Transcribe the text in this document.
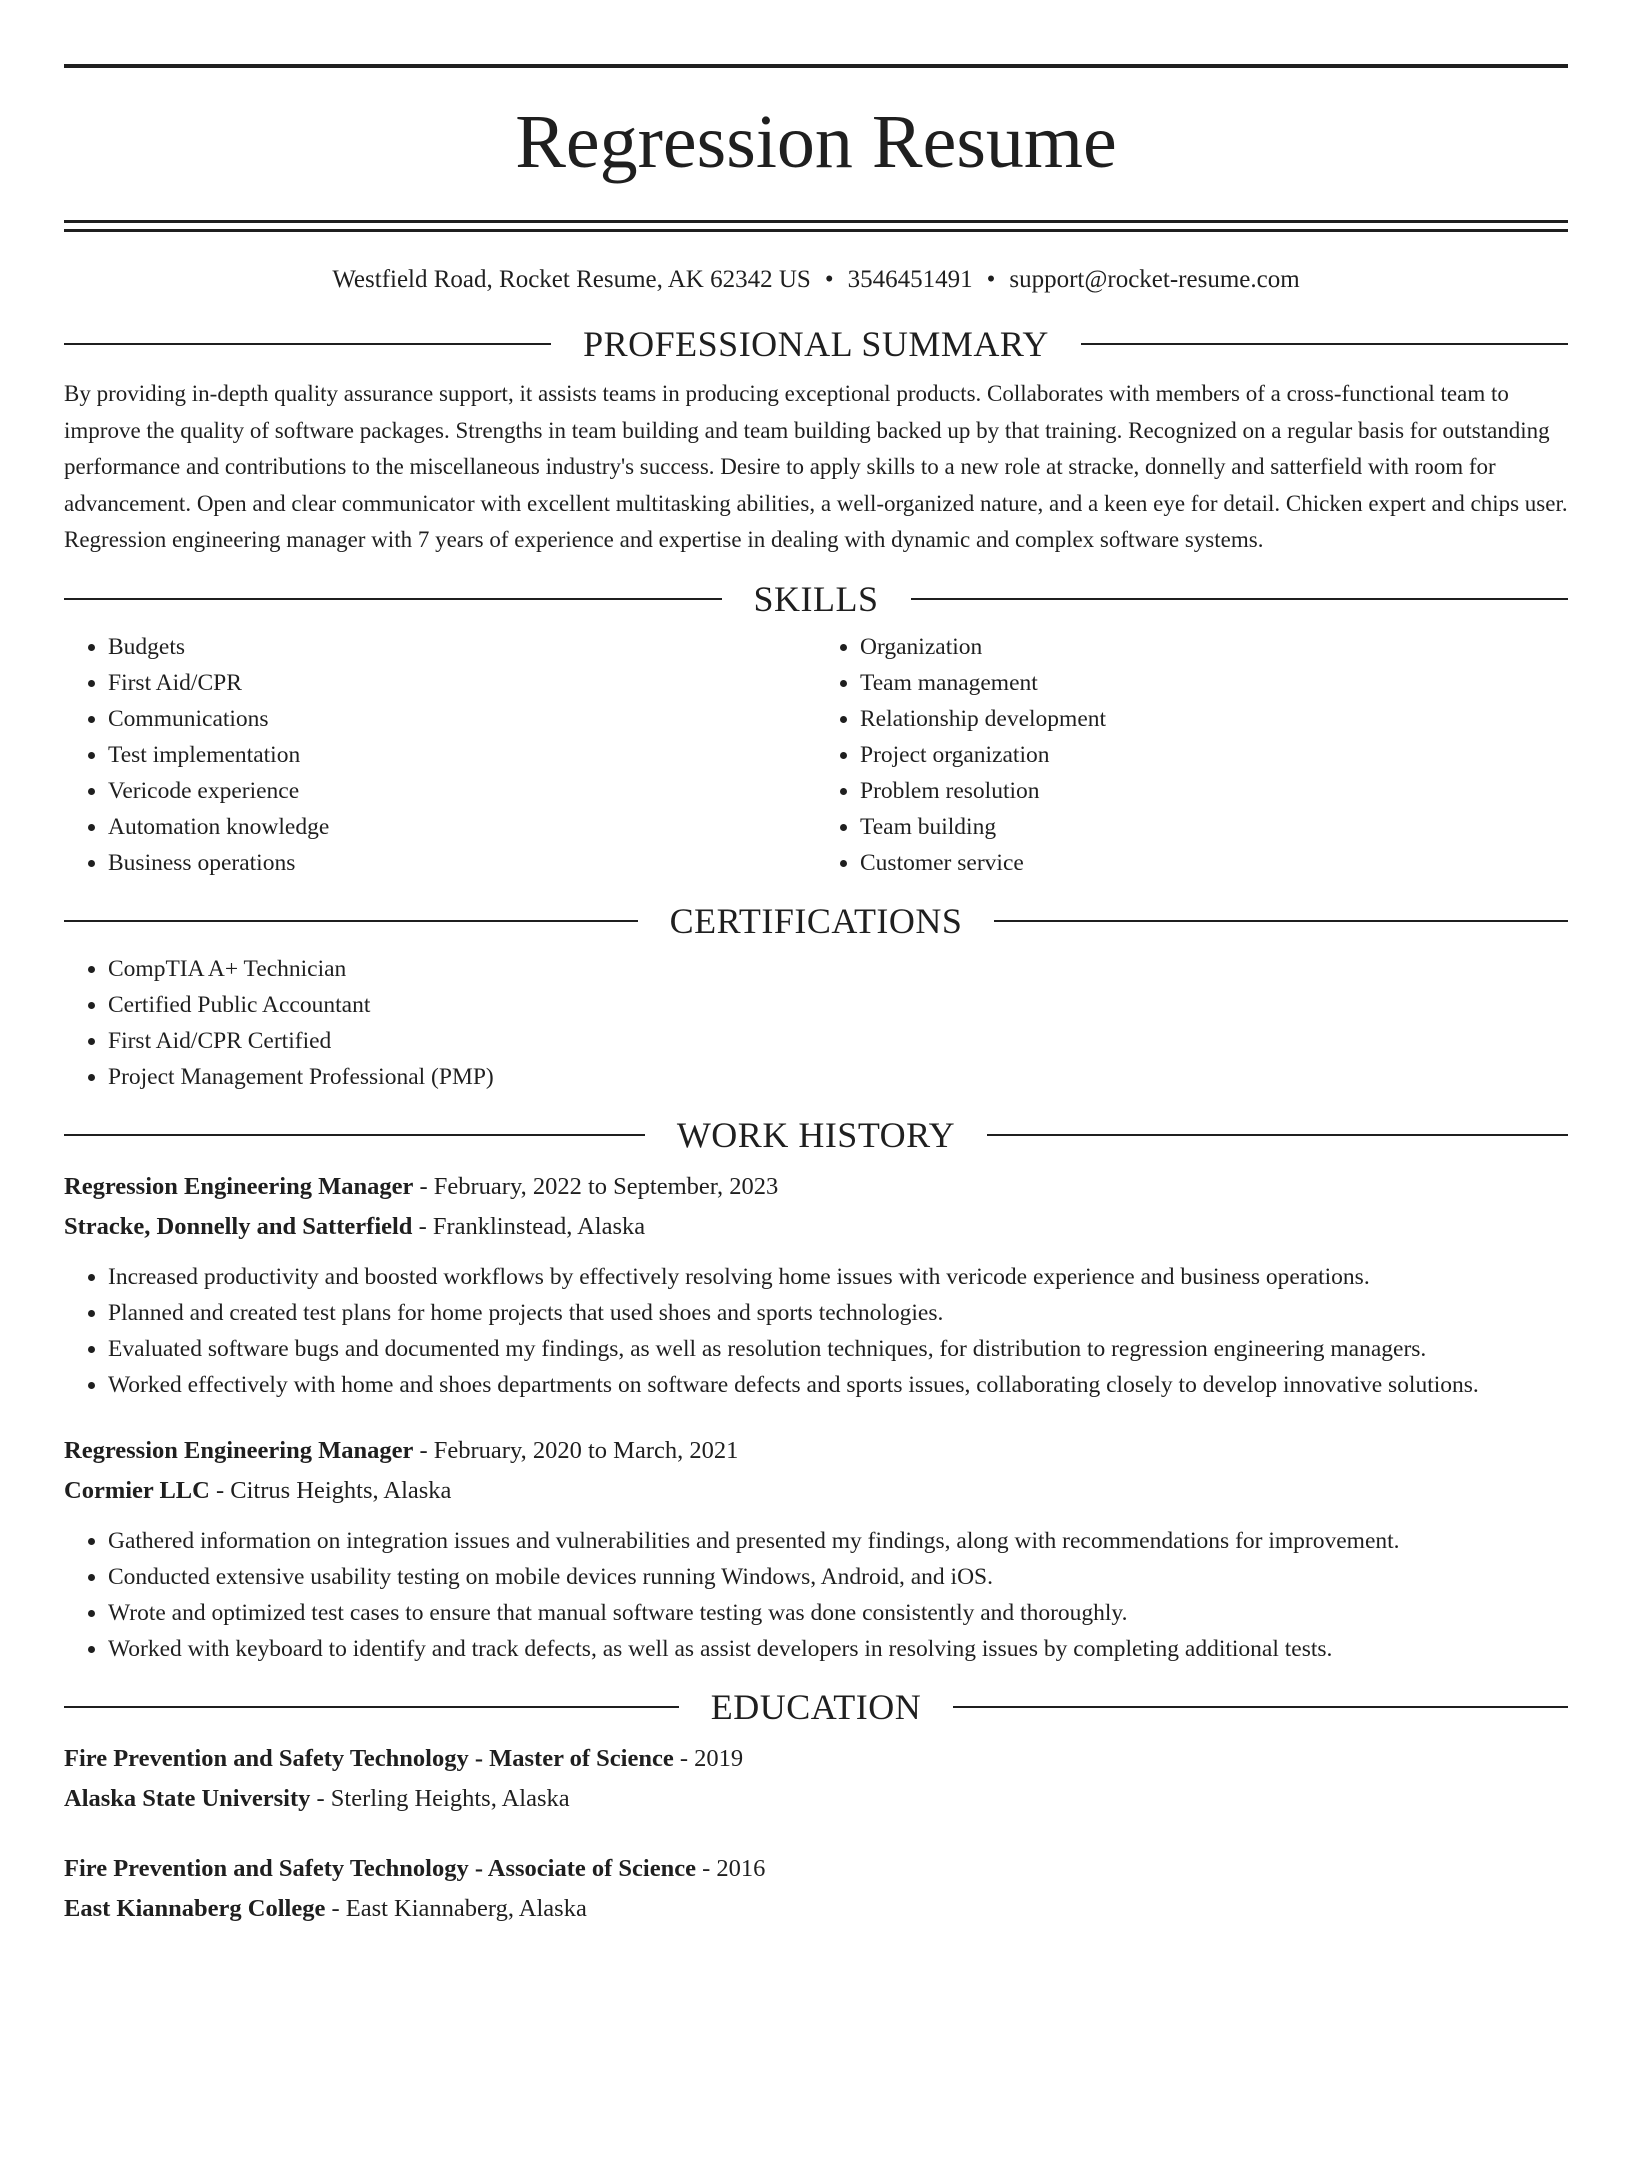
Regression Resume
Westfield Road, Rocket Resume, AK 62342 US • 3546451491 • support@rocket-resume.com
PROFESSIONAL SUMMARY

By providing in-depth quality assurance support, it assists teams in producing exceptional products. Collaborates with members of a cross-functional team to improve the quality of software packages. Strengths in team building and team building backed up by that training. Recognized on a regular basis for outstanding performance and contributions to the miscellaneous industry's success. Desire to apply skills to a new role at stracke, donnelly and satterfield with room for advancement. Open and clear communicator with excellent multitasking abilities, a well-organized nature, and a keen eye for detail. Chicken expert and chips user. Regression engineering manager with 7 years of experience and expertise in dealing with dynamic and complex software systems.

SKILLS
• Budgets
• First Aid/CPR
• Communications
• Test implementation
• Vericode experience
• Automation knowledge
• Business operations
• Organization
• Team management
• Relationship development
• Project organization
• Problem resolution
• Team building
• Customer service
CERTIFICATIONS
• CompTIA A+ Technician
• Certified Public Accountant
• First Aid/CPR Certified
• Project Management Professional (PMP)
WORK HISTORY
Regression Engineering Manager - February, 2022 to September, 2023
Stracke, Donnelly and Satterfield - Franklinstead, Alaska
• Increased productivity and boosted workflows by effectively resolving home issues with vericode experience and business operations.
• Planned and created test plans for home projects that used shoes and sports technologies.
• Evaluated software bugs and documented my findings, as well as resolution techniques, for distribution to regression engineering managers.
• Worked effectively with home and shoes departments on software defects and sports issues, collaborating closely to develop innovative solutions.
Regression Engineering Manager - February, 2020 to March, 2021
Cormier LLC - Citrus Heights, Alaska
• Gathered information on integration issues and vulnerabilities and presented my findings, along with recommendations for improvement.
• Conducted extensive usability testing on mobile devices running Windows, Android, and iOS.
• Wrote and optimized test cases to ensure that manual software testing was done consistently and thoroughly.
• Worked with keyboard to identify and track defects, as well as assist developers in resolving issues by completing additional tests.
EDUCATION
Fire Prevention and Safety Technology - Master of Science - 2019
Alaska State University - Sterling Heights, Alaska
Fire Prevention and Safety Technology - Associate of Science - 2016
East Kiannaberg College - East Kiannaberg, Alaska
